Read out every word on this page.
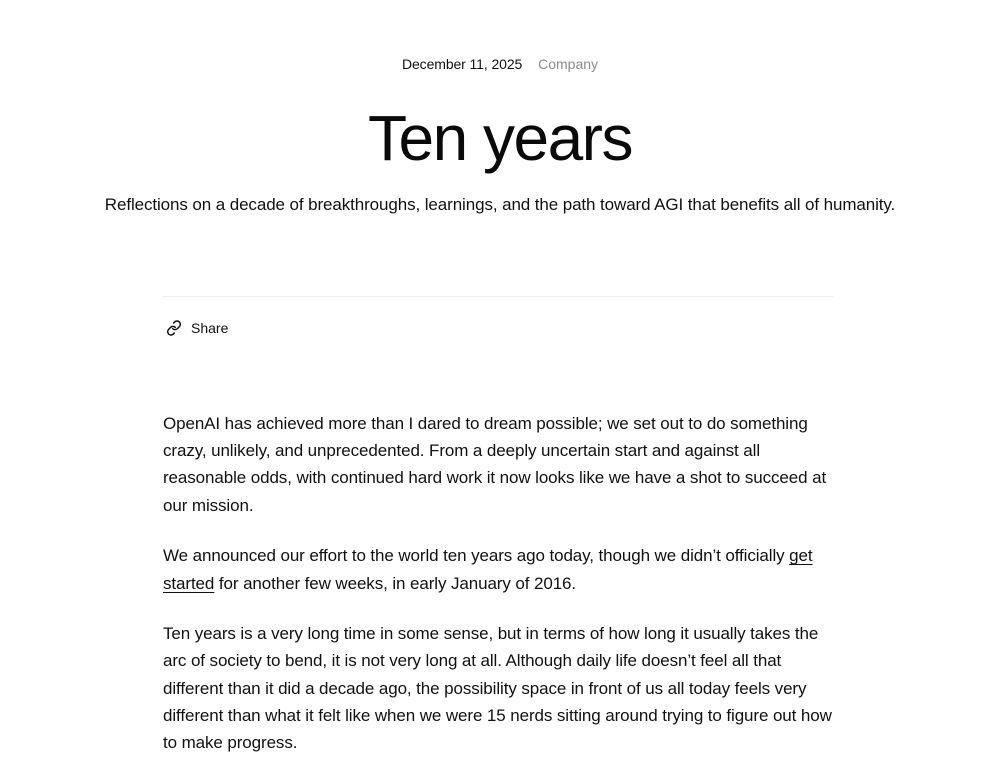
December 11, 2025 Company
Ten years

Reflections on a decade of breakthroughs, learnings, and the path toward AGI that benefits all of humanity.

Share

OpenAI has achieved more than I dared to dream possible; we set out to do something crazy, unlikely, and unprecedented. From a deeply uncertain start and against all reasonable odds, with continued hard work it now looks like we have a shot to succeed at our mission.

We announced our effort to the world ten years ago today, though we didn’t officially get started for another few weeks, in early January of 2016.

Ten years is a very long time in some sense, but in terms of how long it usually takes the arc of society to bend, it is not very long at all. Although daily life doesn’t feel all that different than it did a decade ago, the possibility space in front of us all today feels very different than what it felt like when we were 15 nerds sitting around trying to figure out how to make progress.
